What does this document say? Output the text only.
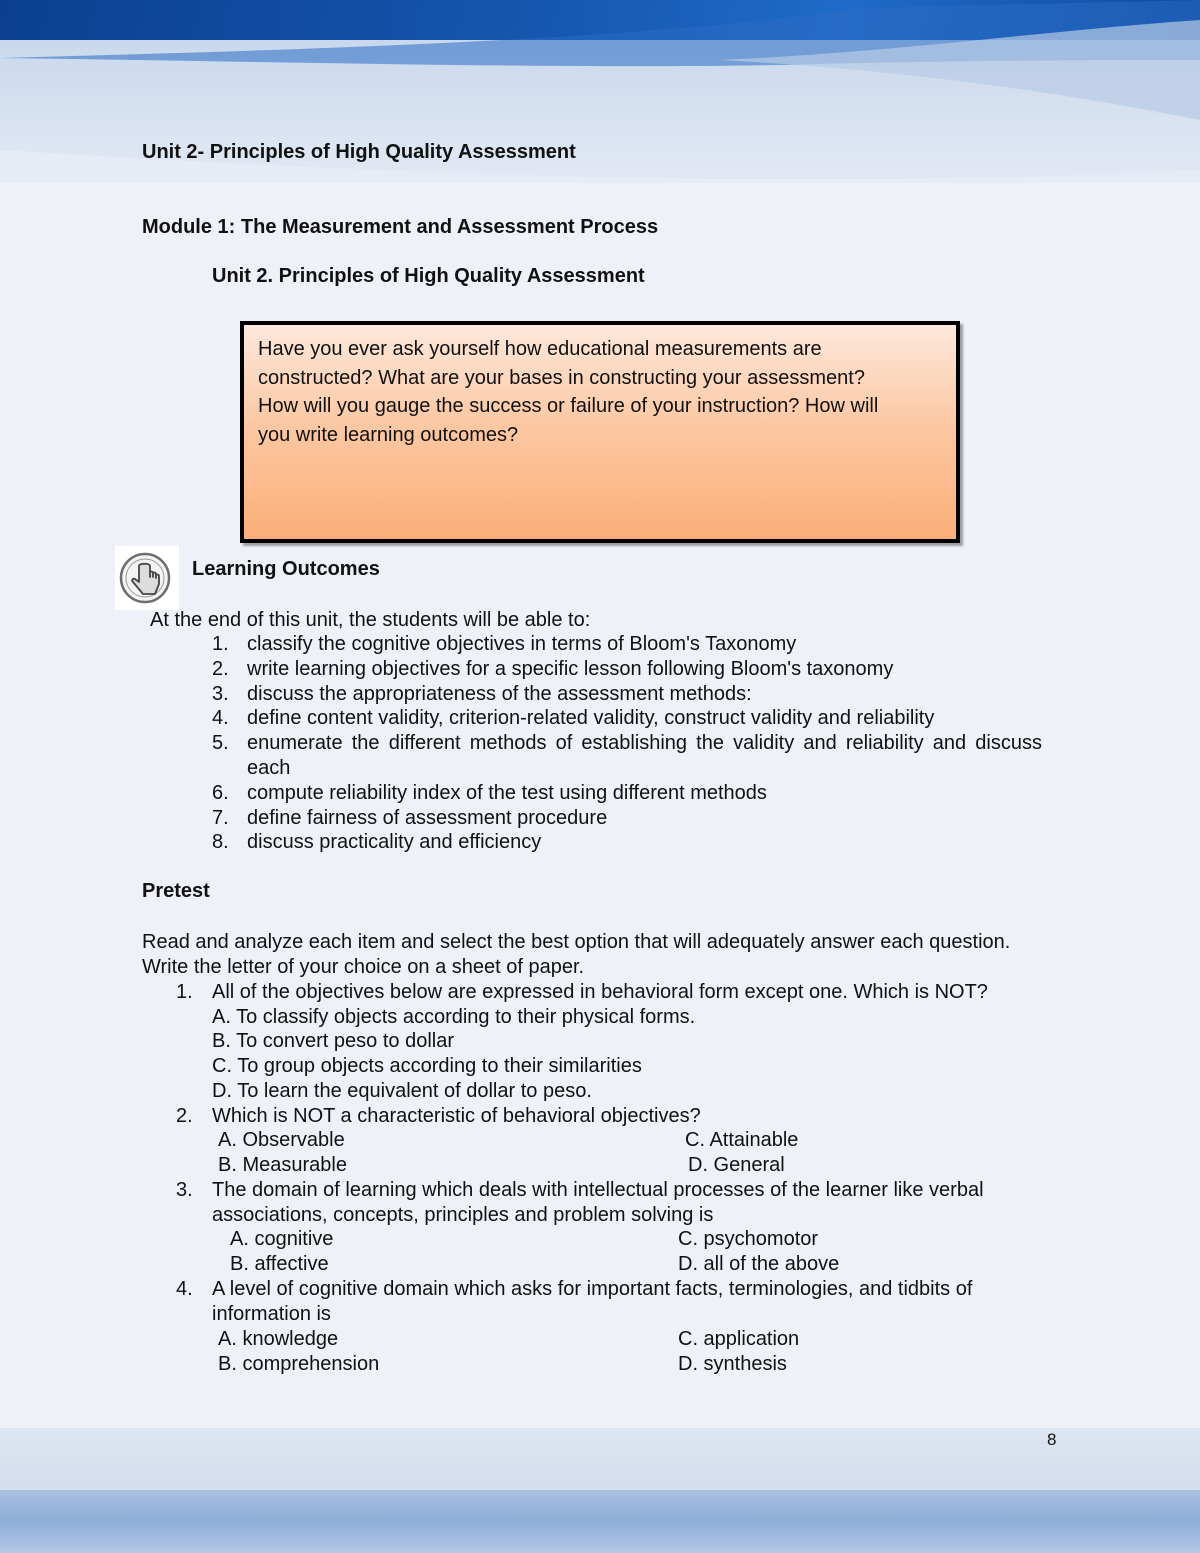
Unit 2- Principles of High Quality Assessment
Module 1: The Measurement and Assessment Process
Unit 2. Principles of High Quality Assessment
Have you ever ask yourself how educational measurements are
constructed? What are your bases in constructing your assessment?
How will you gauge the success or failure of your instruction? How will
you write learning outcomes?
Learning Outcomes
At the end of this unit, the students will be able to:
1. classify the cognitive objectives in terms of Bloom's Taxonomy
2. write learning objectives for a specific lesson following Bloom's taxonomy
3. discuss the appropriateness of the assessment methods:
4. define content validity, criterion-related validity, construct validity and reliability
5. enumerate the different methods of establishing the validity and reliability and discuss each
6. compute reliability index of the test using different methods
7. define fairness of assessment procedure
8. discuss practicality and efficiency
Pretest
Read and analyze each item and select the best option that will adequately answer each question. Write the letter of your choice on a sheet of paper.
1. All of the objectives below are expressed in behavioral form except one. Which is NOT?
A. To classify objects according to their physical forms.
B. To convert peso to dollar
C. To group objects according to their similarities
D. To learn the equivalent of dollar to peso.
2. Which is NOT a characteristic of behavioral objectives?
A. Observable	C. Attainable
B. Measurable	D. General
3. The domain of learning which deals with intellectual processes of the learner like verbal associations, concepts, principles and problem solving is
A. cognitive	C. psychomotor
B. affective	D. all of the above
4. A level of cognitive domain which asks for important facts, terminologies, and tidbits of information is
A. knowledge	C. application
B. comprehension	D. synthesis
8
